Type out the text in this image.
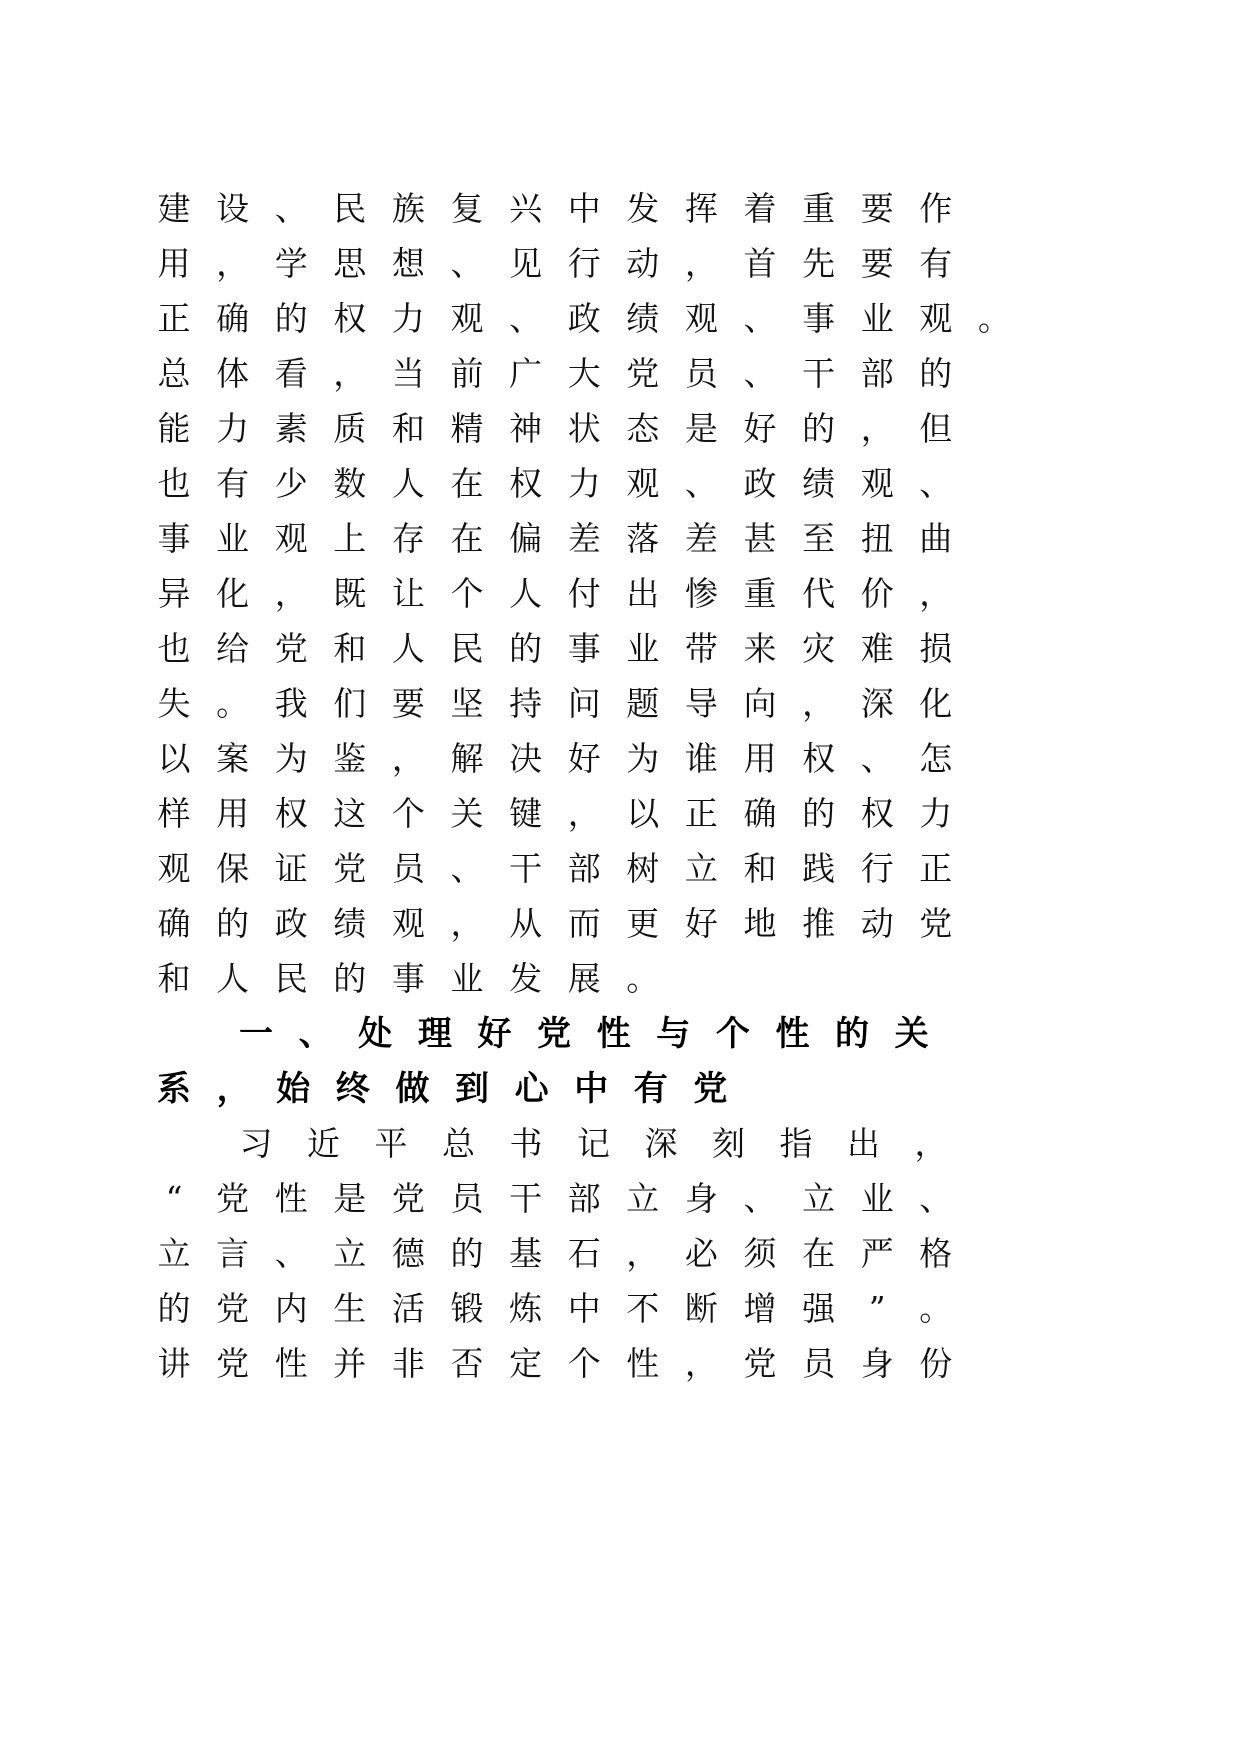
建 设 、 民 族 复 兴 中 发 挥 着 重 要 作
用 ， 学 思 想 、 见 行 动 ， 首 先 要 有
正 确 的 权 力 观 、 政 绩 观 、 事 业 观 。
总 体 看 ， 当 前 广 大 党 员 、 干 部 的
能 力 素 质 和 精 神 状 态 是 好 的 ， 但
也 有 少 数 人 在 权 力 观 、 政 绩 观 、
事 业 观 上 存 在 偏 差 落 差 甚 至 扭 曲
异 化 ， 既 让 个 人 付 出 惨 重 代 价 ，
也 给 党 和 人 民 的 事 业 带 来 灾 难 损
失 。 我 们 要 坚 持 问 题 导 向 ， 深 化
以 案 为 鉴 ， 解 决 好 为 谁 用 权 、 怎
样 用 权 这 个 关 键 ， 以 正 确 的 权 力
观 保 证 党 员 、 干 部 树 立 和 践 行 正
确 的 政 绩 观 ， 从 而 更 好 地 推 动 党
和 人 民 的 事 业 发 展 。
一 、 处 理 好 党 性 与 个 性 的 关
系 ， 始 终 做 到 心 中 有 党
习 近 平 总 书 记 深 刻 指 出 ，
“	党 性 是 党 员 干 部 立 身 、 立 业 、
立 言 、 立 德 的 基 石 ， 必 须 在 严 格
的 党 内 生 活 锻 炼 中 不 断 增 强	”	。
讲 党 性 并 非 否 定 个 性 ， 党 员 身 份
